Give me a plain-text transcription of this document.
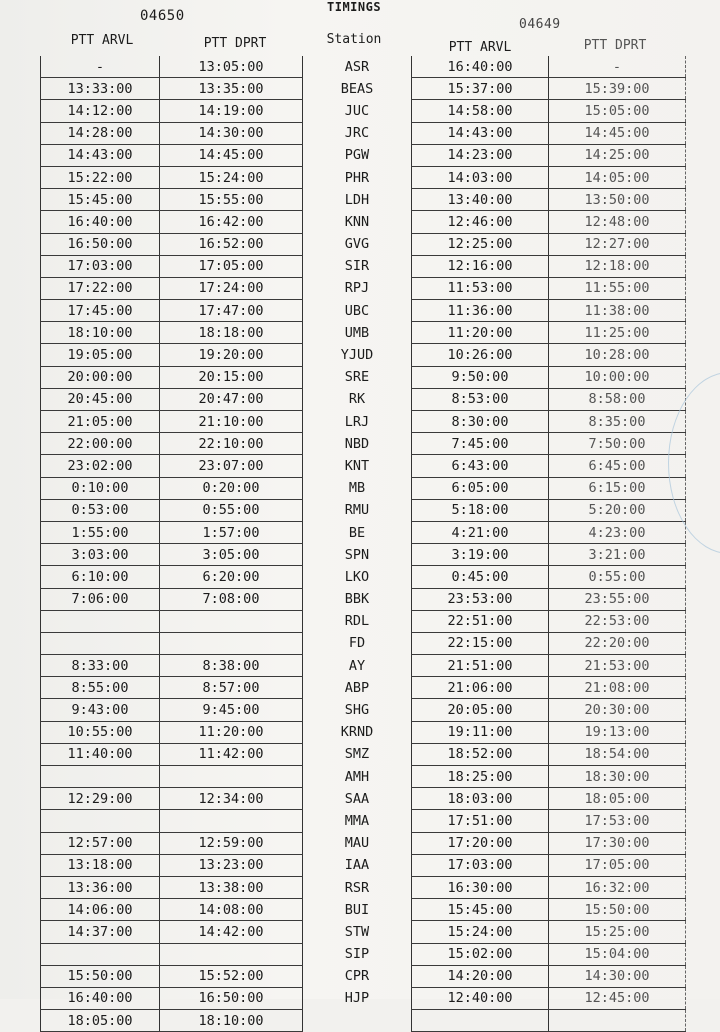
04650
TIMINGS
04649
PTT ARVL	PTT DPRT	Station
PTT ARVL	PTT DPRT
-	13:05:00	ASR	16:40:00	-
13:33:00	13:35:00	BEAS	15:37:00	15:39:00
14:12:00	14:19:00	JUC	14:58:00	15:05:00
14:28:00	14:30:00	JRC	14:43:00	14:45:00
14:43:00	14:45:00	PGW	14:23:00	14:25:00
15:22:00	15:24:00	PHR	14:03:00	14:05:00
15:45:00	15:55:00	LDH	13:40:00	13:50:00
16:40:00	16:42:00	KNN	12:46:00	12:48:00
16:50:00	16:52:00	GVG	12:25:00	12:27:00
17:03:00	17:05:00	SIR	12:16:00	12:18:00
17:22:00	17:24:00	RPJ	11:53:00	11:55:00
17:45:00	17:47:00	UBC	11:36:00	11:38:00
18:10:00	18:18:00	UMB	11:20:00	11:25:00
19:05:00	19:20:00	YJUD	10:26:00	10:28:00
20:00:00	20:15:00	SRE	9:50:00	10:00:00
20:45:00	20:47:00	RK	8:53:00	8:58:00
21:05:00	21:10:00	LRJ	8:30:00	8:35:00
22:00:00	22:10:00	NBD	7:45:00	7:50:00
23:02:00	23:07:00	KNT	6:43:00	6:45:00
0:10:00	0:20:00	MB	6:05:00	6:15:00
0:53:00	0:55:00	RMU	5:18:00	5:20:00
1:55:00	1:57:00	BE	4:21:00	4:23:00
3:03:00	3:05:00	SPN	3:19:00	3:21:00
6:10:00	6:20:00	LKO	0:45:00	0:55:00
7:06:00	7:08:00	BBK	23:53:00	23:55:00
		RDL	22:51:00	22:53:00
		FD	22:15:00	22:20:00
8:33:00	8:38:00	AY	21:51:00	21:53:00
8:55:00	8:57:00	ABP	21:06:00	21:08:00
9:43:00	9:45:00	SHG	20:05:00	20:30:00
10:55:00	11:20:00	KRND	19:11:00	19:13:00
11:40:00	11:42:00	SMZ	18:52:00	18:54:00
		AMH	18:25:00	18:30:00
12:29:00	12:34:00	SAA	18:03:00	18:05:00
		MMA	17:51:00	17:53:00
12:57:00	12:59:00	MAU	17:20:00	17:30:00
13:18:00	13:23:00	IAA	17:03:00	17:05:00
13:36:00	13:38:00	RSR	16:30:00	16:32:00
14:06:00	14:08:00	BUI	15:45:00	15:50:00
14:37:00	14:42:00	STW	15:24:00	15:25:00
		SIP	15:02:00	15:04:00
15:50:00	15:52:00	CPR	14:20:00	14:30:00
16:40:00	16:50:00	HJP	12:40:00	12:45:00
18:05:00	18:10:00			
